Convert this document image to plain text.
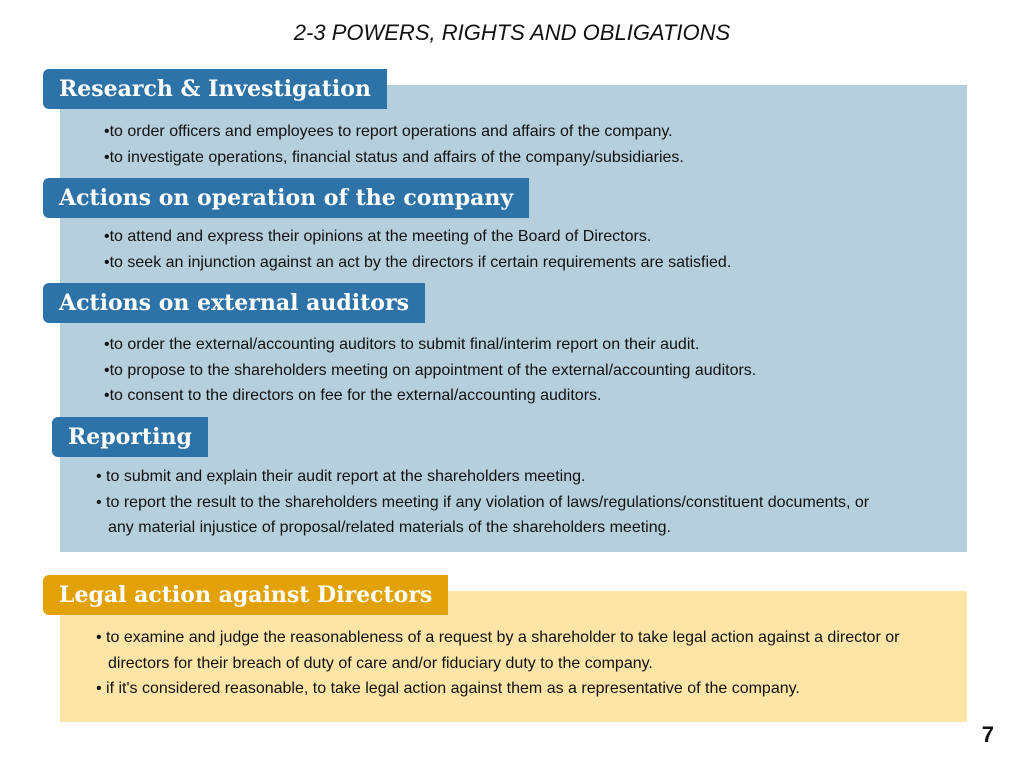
2-3 POWERS, RIGHTS AND OBLIGATIONS
Research & Investigation
• to order officers and employees to report operations and affairs of the company.
• to investigate operations, financial status and affairs of the company/subsidiaries.
Actions on operation of the company
• to attend and express their opinions at the meeting of the Board of Directors.
• to seek an injunction against an act by the directors if certain requirements are satisfied.
Actions on external auditors
• to order the external/accounting auditors to submit final/interim report on their audit.
• to propose to the shareholders meeting on appointment of the external/accounting auditors.
• to consent to the directors on fee for the external/accounting auditors.
Reporting
• to submit and explain their audit report at the shareholders meeting.
• to report the result to the shareholders meeting if any violation of laws/regulations/constituent documents, or any material injustice of proposal/related materials of the shareholders meeting.
Legal action against Directors
• to examine and judge the reasonableness of a request by a shareholder to take legal action against a director or directors for their breach of duty of care and/or fiduciary duty to the company.
• if it's considered reasonable, to take legal action against them as a representative of the company.
7
